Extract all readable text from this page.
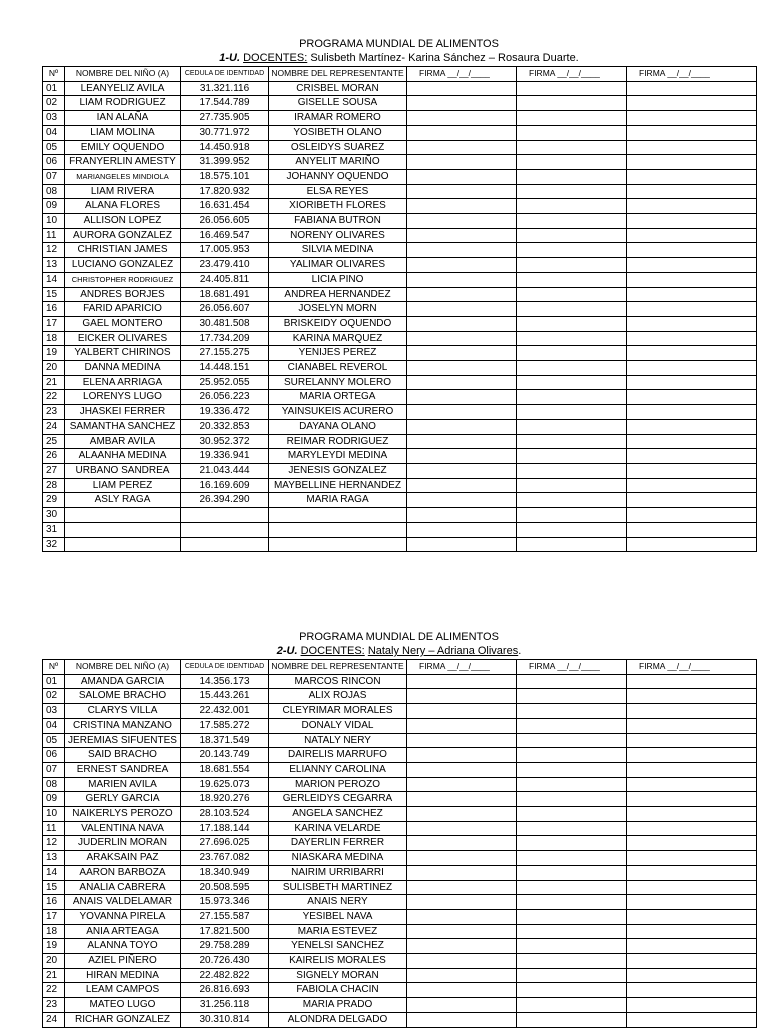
PROGRAMA MUNDIAL DE ALIMENTOS
1-U. DOCENTES: Sulisbeth Martínez- Karina Sánchez – Rosaura Duarte.
Nº	NOMBRE DEL NIÑO (A)	CEDULA DE IDENTIDAD	NOMBRE DEL REPRESENTANTE	FIRMA __/__/____	FIRMA __/__/____	FIRMA __/__/____
01	LEANYELIZ AVILA	31.321.116	CRISBEL MORAN			
02	LIAM RODRIGUEZ	17.544.789	GISELLE SOUSA			
03	IAN ALAÑA	27.735.905	IRAMAR ROMERO			
04	LIAM MOLINA	30.771.972	YOSIBETH OLANO			
05	EMILY OQUENDO	14.450.918	OSLEIDYS SUAREZ			
06	FRANYERLIN AMESTY	31.399.952	ANYELIT MARIÑO			
07	MARIANGELES MINDIOLA	18.575.101	JOHANNY OQUENDO			
08	LIAM RIVERA	17.820.932	ELSA REYES			
09	ALANA FLORES	16.631.454	XIORIBETH FLORES			
10	ALLISON LOPEZ	26.056.605	FABIANA BUTRON			
11	AURORA GONZALEZ	16.469.547	NORENY OLIVARES			
12	CHRISTIAN JAMES	17.005.953	SILVIA MEDINA			
13	LUCIANO GONZALEZ	23.479.410	YALIMAR OLIVARES			
14	CHRISTOPHER RODRIGUEZ	24.405.811	LICIA PINO			
15	ANDRES BORJES	18.681.491	ANDREA HERNANDEZ			
16	FARID APARICIO	26.056.607	JOSELYN MORN			
17	GAEL MONTERO	30.481.508	BRISKEIDY OQUENDO			
18	EICKER OLIVARES	17.734.209	KARINA MARQUEZ			
19	YALBERT CHIRINOS	27.155.275	YENIJES PEREZ			
20	DANNA MEDINA	14.448.151	CIANABEL REVEROL			
21	ELENA ARRIAGA	25.952.055	SURELANNY MOLERO			
22	LORENYS LUGO	26.056.223	MARIA ORTEGA			
23	JHASKEI FERRER	19.336.472	YAINSUKEIS ACURERO			
24	SAMANTHA SANCHEZ	20.332.853	DAYANA OLANO			
25	AMBAR AVILA	30.952.372	REIMAR RODRIGUEZ			
26	ALAANHA MEDINA	19.336.941	MARYLEYDI MEDINA			
27	URBANO SANDREA	21.043.444	JENESIS GONZALEZ			
28	LIAM PEREZ	16.169.609	MAYBELLINE HERNANDEZ			
29	ASLY RAGA	26.394.290	MARIA RAGA			
30						
31						
32						
PROGRAMA MUNDIAL DE ALIMENTOS
2-U. DOCENTES: Nataly Nery – Adriana Olivares.
Nº	NOMBRE DEL NIÑO (A)	CEDULA DE IDENTIDAD	NOMBRE DEL REPRESENTANTE	FIRMA __/__/____	FIRMA __/__/____	FIRMA __/__/____
01	AMANDA GARCIA	14.356.173	MARCOS RINCON			
02	SALOME BRACHO	15.443.261	ALIX ROJAS			
03	CLARYS VILLA	22.432.001	CLEYRIMAR MORALES			
04	CRISTINA MANZANO	17.585.272	DONALY VIDAL			
05	JEREMIAS SIFUENTES	18.371.549	NATALY NERY			
06	SAID BRACHO	20.143.749	DAIRELIS MARRUFO			
07	ERNEST SANDREA	18.681.554	ELIANNY CAROLINA			
08	MARIEN AVILA	19.625.073	MARION PEROZO			
09	GERLY GARCIA	18.920.276	GERLEIDYS CEGARRA			
10	NAIKERLYS PEROZO	28.103.524	ANGELA SANCHEZ			
11	VALENTINA NAVA	17.188.144	KARINA VELARDE			
12	JUDERLIN MORAN	27.696.025	DAYERLIN FERRER			
13	ARAKSAIN PAZ	23.767.082	NIASKARA MEDINA			
14	AARON BARBOZA	18.340.949	NAIRIM URRIBARRI			
15	ANALIA CABRERA	20.508.595	SULISBETH MARTINEZ			
16	ANAIS VALDELAMAR	15.973.346	ANAIS NERY			
17	YOVANNA PIRELA	27.155.587	YESIBEL NAVA			
18	ANIA ARTEAGA	17.821.500	MARIA ESTEVEZ			
19	ALANNA TOYO	29.758.289	YENELSI SANCHEZ			
20	AZIEL PIÑERO	20.726.430	KAIRELIS MORALES			
21	HIRAN MEDINA	22.482.822	SIGNELY MORAN			
22	LEAM CAMPOS	26.816.693	FABIOLA CHACIN			
23	MATEO LUGO	31.256.118	MARIA PRADO			
24	RICHAR GONZALEZ	30.310.814	ALONDRA DELGADO			
